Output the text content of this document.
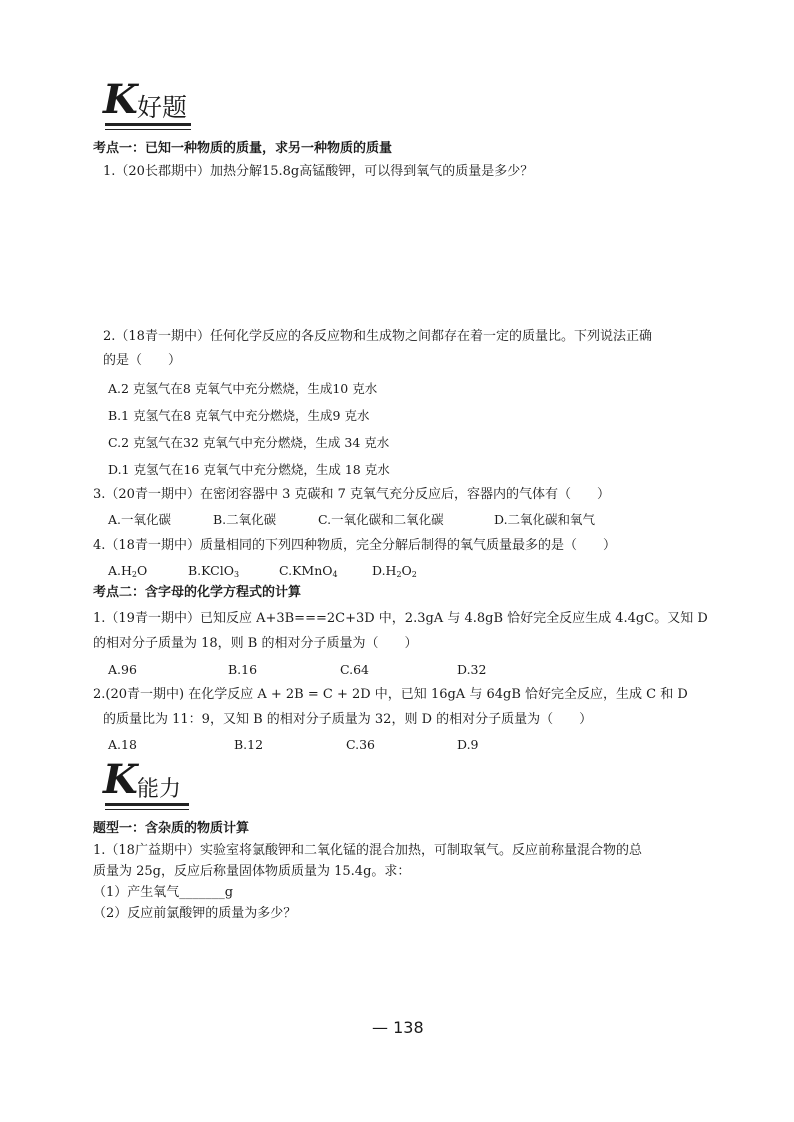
K 好题
考点一：已知一种物质的质量，求另一种物质的质量
1.（20长郡期中）加热分解15.8g高锰酸钾，可以得到氧气的质量是多少？
2.（18青一期中）任何化学反应的各反应物和生成物之间都存在着一定的质量比。下列说法正确
的是（　　）
A.2 克氢气在8 克氧气中充分燃烧，生成10 克水
B.1 克氢气在8 克氧气中充分燃烧，生成9 克水
C.2 克氢气在32 克氧气中充分燃烧，生成 34 克水
D.1 克氢气在16 克氧气中充分燃烧，生成 18 克水
3.（20青一期中）在密闭容器中 3 克碳和 7 克氧气充分反应后，容器内的气体有（　　）
A.一氧化碳	B.二氧化碳	C.一氧化碳和二氧化碳	D.二氧化碳和氧气
4.（18青一期中）质量相同的下列四种物质，完全分解后制得的氧气质量最多的是（　　）
$A.H_2O$	B.KClO$_3$	C.KMnO$_4$	$D.H_2O_2$
考点二：含字母的化学方程式的计算
1.（19青一期中）已知反应 A+3B===2C+3D 中，2.3gA 与 4.8gB 恰好完全反应生成 4.4gC。又知 D
的相对分子质量为 18，则 B 的相对分子质量为（　　）
A.96	B.16	C.64	D.32
2.(20青一期中) 在化学反应 A + 2B = C + 2D 中，已知 16gA 与 64gB 恰好完全反应，生成 C 和 D
的质量比为 11：9，又知 B 的相对分子质量为 32，则 D 的相对分子质量为（　　）
A.18	B.12	C.36	D.9
K 能力
题型一：含杂质的物质计算
1.（18广益期中）实验室将氯酸钾和二氧化锰的混合加热，可制取氧气。反应前称量混合物的总
质量为 25g，反应后称量固体物质质量为 15.4g。求：
（1）产生氧气_______g
（2）反应前氯酸钾的质量为多少？
— 138
